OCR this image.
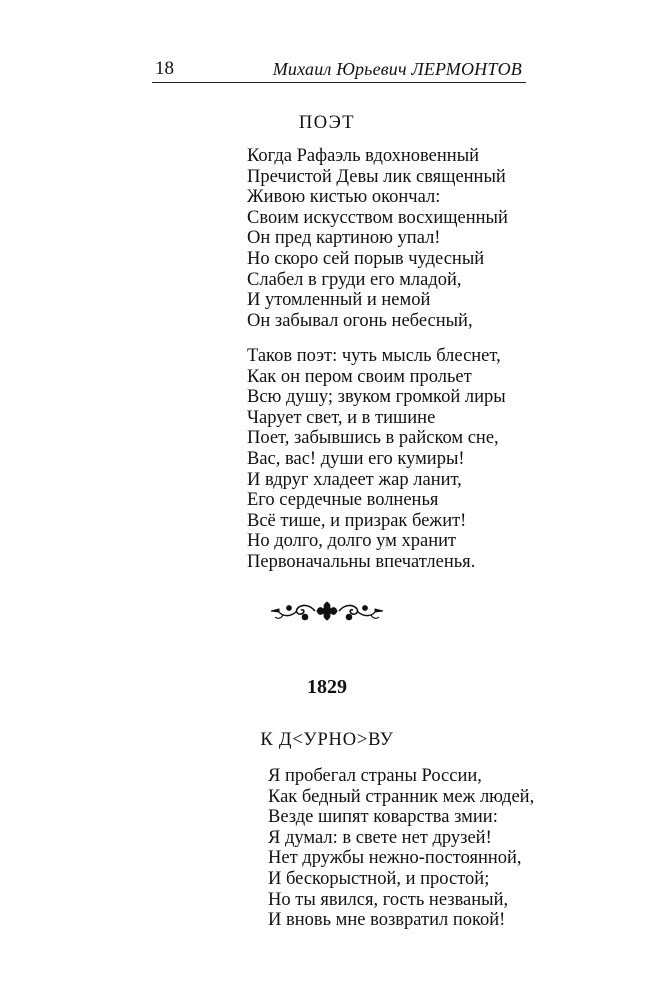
18	Михаил Юрьевич ЛЕРМОНТОВ
ПОЭТ
Когда Рафаэль вдохновенный
Пречистой Девы лик священный
Живою кистью окончал:
Своим искусством восхищенный
Он пред картиною упал!
Но скоро сей порыв чудесный
Слабел в груди его младой,
И утомленный и немой
Он забывал огонь небесный,
Таков поэт: чуть мысль блеснет,
Как он пером своим прольет
Всю душу; звуком громкой лиры
Чарует свет, и в тишине
Поет, забывшись в райском сне,
Вас, вас! души его кумиры!
И вдруг хладеет жар ланит,
Его сердечные волненья
Всё тише, и призрак бежит!
Но долго, долго ум хранит
Первоначальны впечатленья.
1829
К Д<УРНО>ВУ
Я пробегал страны России,
Как бедный странник меж людей,
Везде шипят коварства змии:
Я думал: в свете нет друзей!
Нет дружбы нежно-постоянной,
И бескорыстной, и простой;
Но ты явился, гость незваный,
И вновь мне возвратил покой!
